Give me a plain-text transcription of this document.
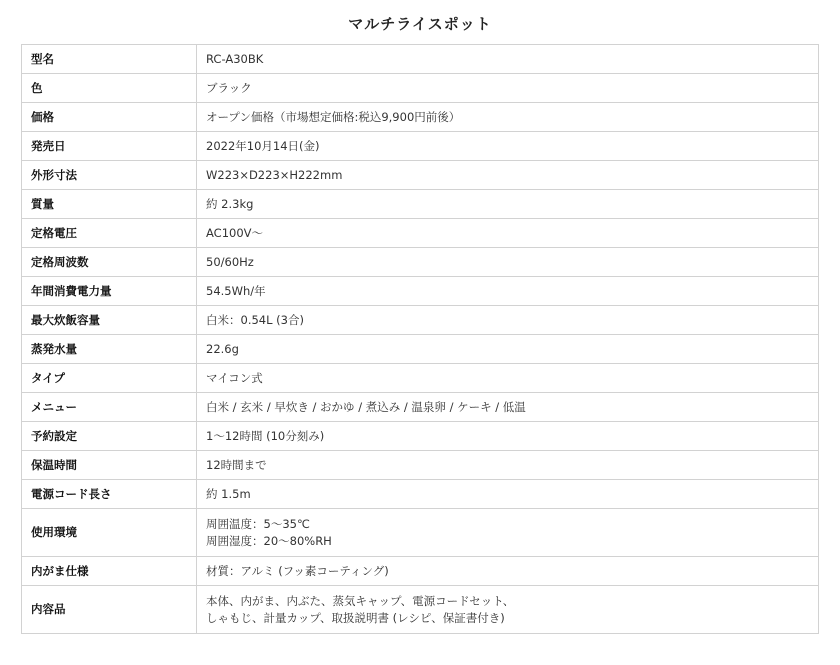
マルチライスポット
型名	RC-A30BK

色	ブラック

価格	オープン価格（市場想定価格:税込9,900円前後）

発売日	2022年10月14日(金)

外形寸法	W223×D223×H222mm

質量	約 2.3kg

定格電圧	AC100V〜

定格周波数	50/60Hz

年間消費電力量	54.5Wh/年

最大炊飯容量	白米：0.54L (3合)

蒸発水量	22.6g

タイプ	マイコン式

メニュー	白米 / 玄米 / 早炊き / おかゆ / 煮込み / 温泉卵 / ケーキ / 低温

予約設定	1〜12時間 (10分刻み)

保温時間	12時間まで

電源コード長さ	約 1.5m

使用環境	周囲温度：5〜35℃
周囲湿度：20〜80%RH

内がま仕様	材質：アルミ (フッ素コーティング)

内容品	本体、内がま、内ぶた、蒸気キャップ、電源コードセット、
しゃもじ、計量カップ、取扱説明書 (レシピ、保証書付き)
